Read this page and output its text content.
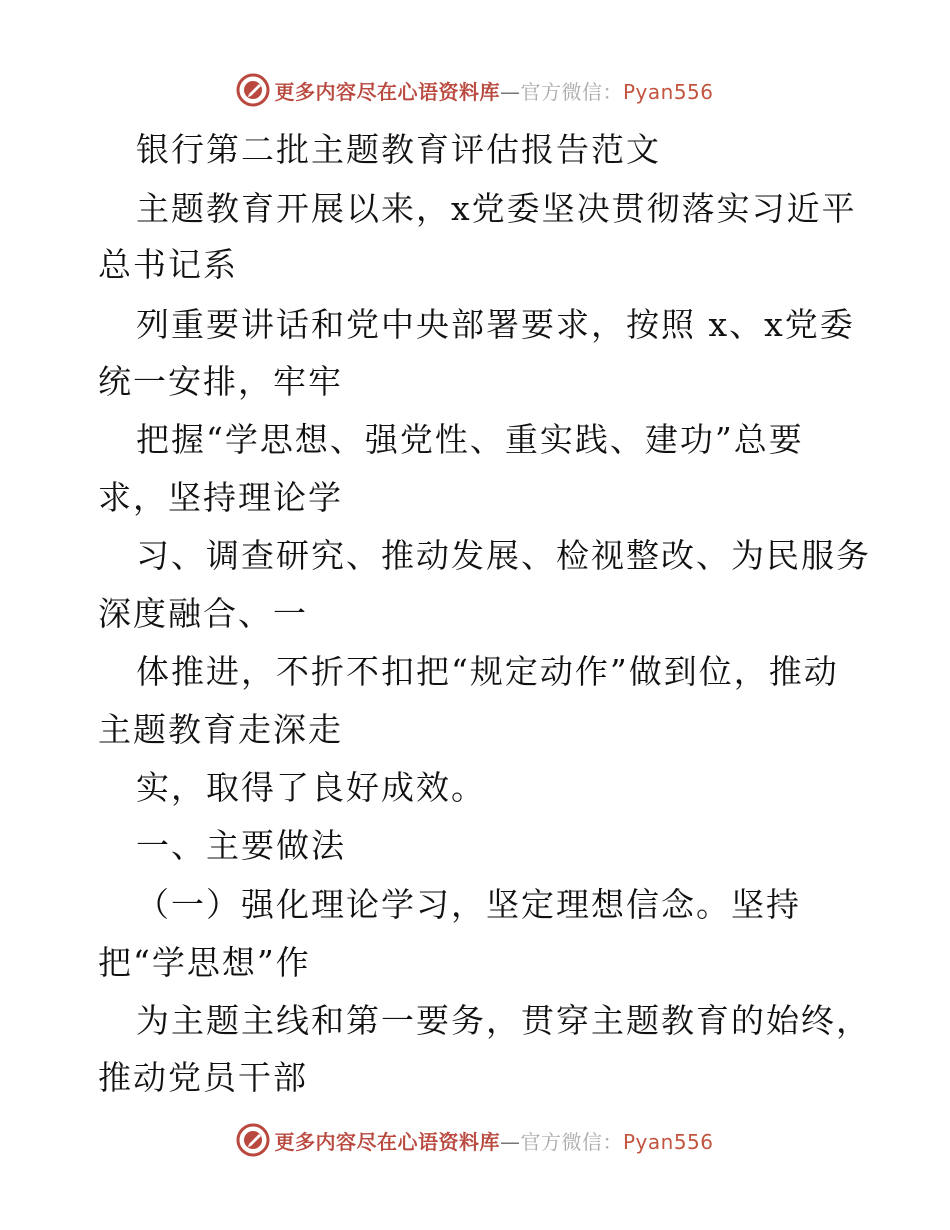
更多内容尽在心语资料库—官方微信：Pyan556
银行第二批主题教育评估报告范文
主题教育开展以来，x党委坚决贯彻落实习近平
总书记系
列重要讲话和党中央部署要求，按照 x、x党委
统一安排，牢牢
把握“学思想、强党性、重实践、建功”总要
求，坚持理论学
习、调查研究、推动发展、检视整改、为民服务
深度融合、一
体推进，不折不扣把“规定动作”做到位，推动
主题教育走深走
实，取得了良好成效。
一、主要做法
（一）强化理论学习，坚定理想信念。坚持
把“学思想”作
为主题主线和第一要务，贯穿主题教育的始终，
推动党员干部
更多内容尽在心语资料库—官方微信：Pyan556
